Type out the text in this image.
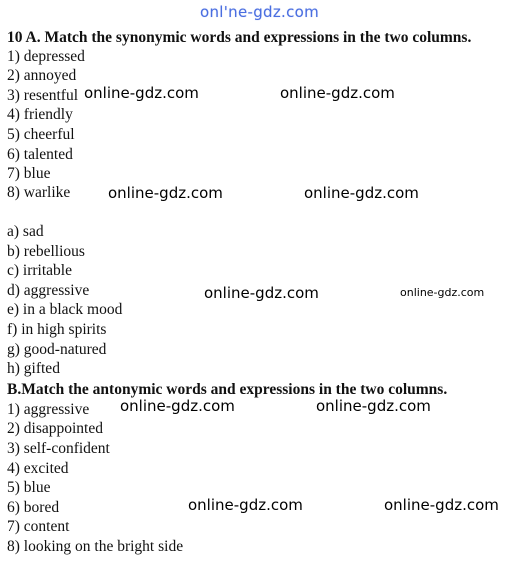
onl'ne-gdz.com
10 A. Match the synonymic words and expressions in the two columns.
1) depressed
2) annoyed
3) resentful
4) friendly
5) cheerful
6) talented
7) blue
8) warlike
a) sad
b) rebellious
c) irritable
d) aggressive
e) in a black mood
f) in high spirits
g) good-natured
h) gifted
B.Match the antonymic words and expressions in the two columns.
1) aggressive
2) disappointed
3) self-confident
4) excited
5) blue
6) bored
7) content
8) looking on the bright side
online-gdz.com	online-gdz.com
online-gdz.com	online-gdz.com
online-gdz.com	online-gdz.com
online-gdz.com	online-gdz.com
online-gdz.com	online-gdz.com
